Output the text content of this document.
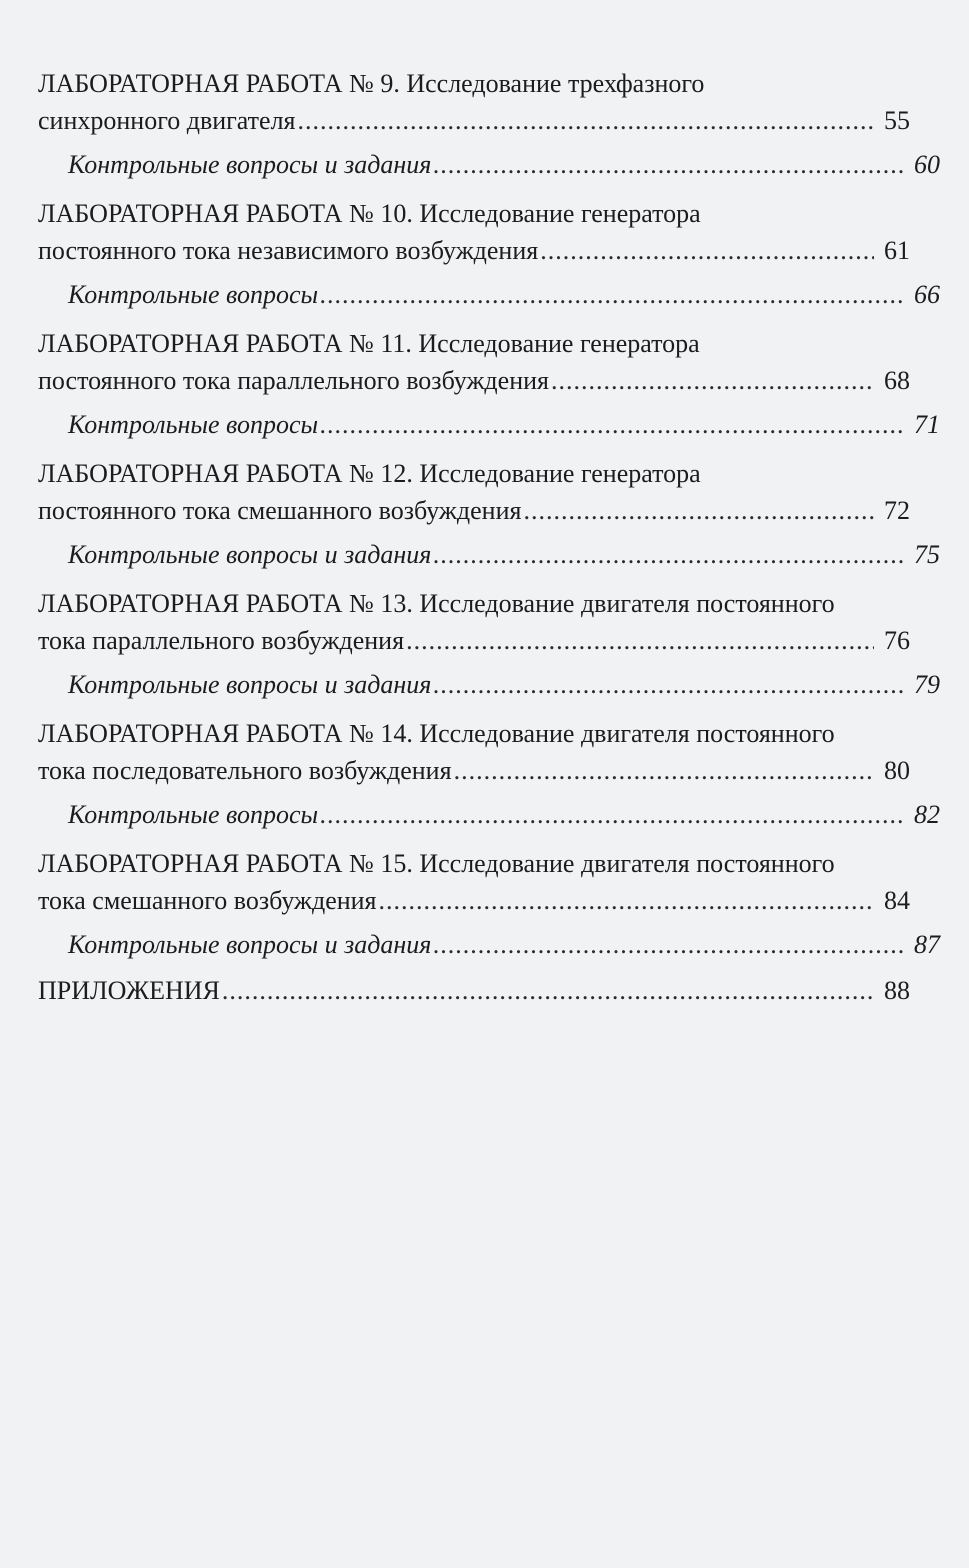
ЛАБОРАТОРНАЯ РАБОТА № 9. Исследование трехфазного
синхронного двигателя .....	55
Контрольные вопросы и задания .....	60
ЛАБОРАТОРНАЯ РАБОТА № 10. Исследование генератора
постоянного тока независимого возбуждения .....	61
Контрольные вопросы .....	66
ЛАБОРАТОРНАЯ РАБОТА № 11. Исследование генератора
постоянного тока параллельного возбуждения .....	68
Контрольные вопросы .....	71
ЛАБОРАТОРНАЯ РАБОТА № 12. Исследование генератора
постоянного тока смешанного возбуждения .....	72
Контрольные вопросы и задания .....	75
ЛАБОРАТОРНАЯ РАБОТА № 13. Исследование двигателя постоянного
тока параллельного возбуждения .....	76
Контрольные вопросы и задания .....	79
ЛАБОРАТОРНАЯ РАБОТА № 14. Исследование двигателя постоянного
тока последовательного возбуждения .....	80
Контрольные вопросы .....	82
ЛАБОРАТОРНАЯ РАБОТА № 15. Исследование двигателя постоянного
тока смешанного возбуждения .....	84
Контрольные вопросы и задания .....	87
ПРИЛОЖЕНИЯ .....	88
